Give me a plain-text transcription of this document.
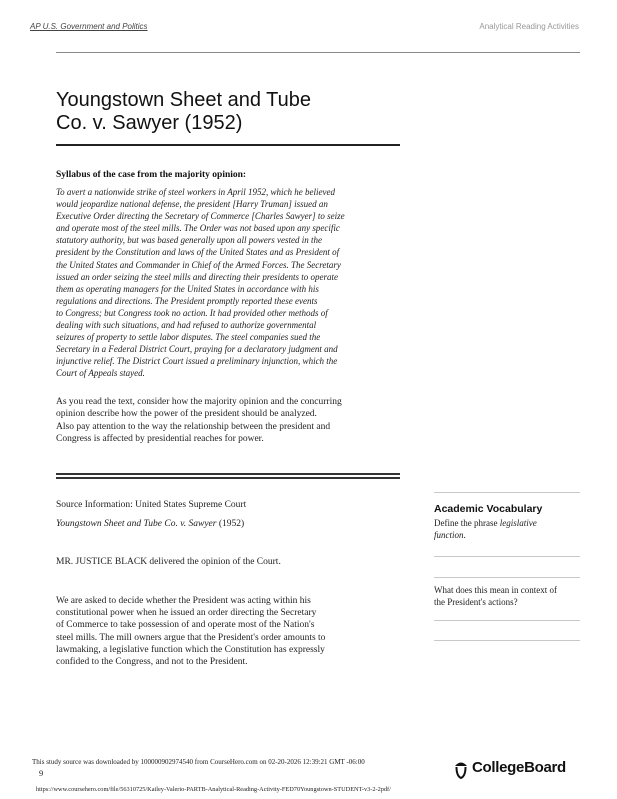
AP U.S. Government and Politics	Analytical Reading Activities
Youngstown Sheet and Tube
Co. v. Sawyer (1952)
Syllabus of the case from the majority opinion:
To avert a nationwide strike of steel workers in April 1952, which he believed
would jeopardize national defense, the president [Harry Truman] issued an
Executive Order directing the Secretary of Commerce [Charles Sawyer] to seize
and operate most of the steel mills. The Order was not based upon any specific
statutory authority, but was based generally upon all powers vested in the
president by the Constitution and laws of the United States and as President of
the United States and Commander in Chief of the Armed Forces. The Secretary
issued an order seizing the steel mills and directing their presidents to operate
them as operating managers for the United States in accordance with his
regulations and directions. The President promptly reported these events
to Congress; but Congress took no action. It had provided other methods of
dealing with such situations, and had refused to authorize governmental
seizures of property to settle labor disputes. The steel companies sued the
Secretary in a Federal District Court, praying for a declaratory judgment and
injunctive relief. The District Court issued a preliminary injunction, which the
Court of Appeals stayed.
As you read the text, consider how the majority opinion and the concurring
opinion describe how the power of the president should be analyzed.
Also pay attention to the way the relationship between the president and
Congress is affected by presidential reaches for power.
Source Information: United States Supreme Court
Youngstown Sheet and Tube Co. v. Sawyer (1952)
MR. JUSTICE BLACK delivered the opinion of the Court.
We are asked to decide whether the President was acting within his
constitutional power when he issued an order directing the Secretary
of Commerce to take possession of and operate most of the Nation's
steel mills. The mill owners argue that the President's order amounts to
lawmaking, a legislative function which the Constitution has expressly
confided to the Congress, and not to the President.
Academic Vocabulary
Define the phrase legislative
function.
What does this mean in context of
the President's actions?
This study source was downloaded by 100000902974540 from CourseHero.com on 02-20-2026 12:39:21 GMT -06:00
9	CollegeBoard
https://www.coursehero.com/file/56310725/Kailey-Valerio-PARTB-Analytical-Reading-Activity-FED70Youngstown-STUDENT-v3-2-2pdf/
